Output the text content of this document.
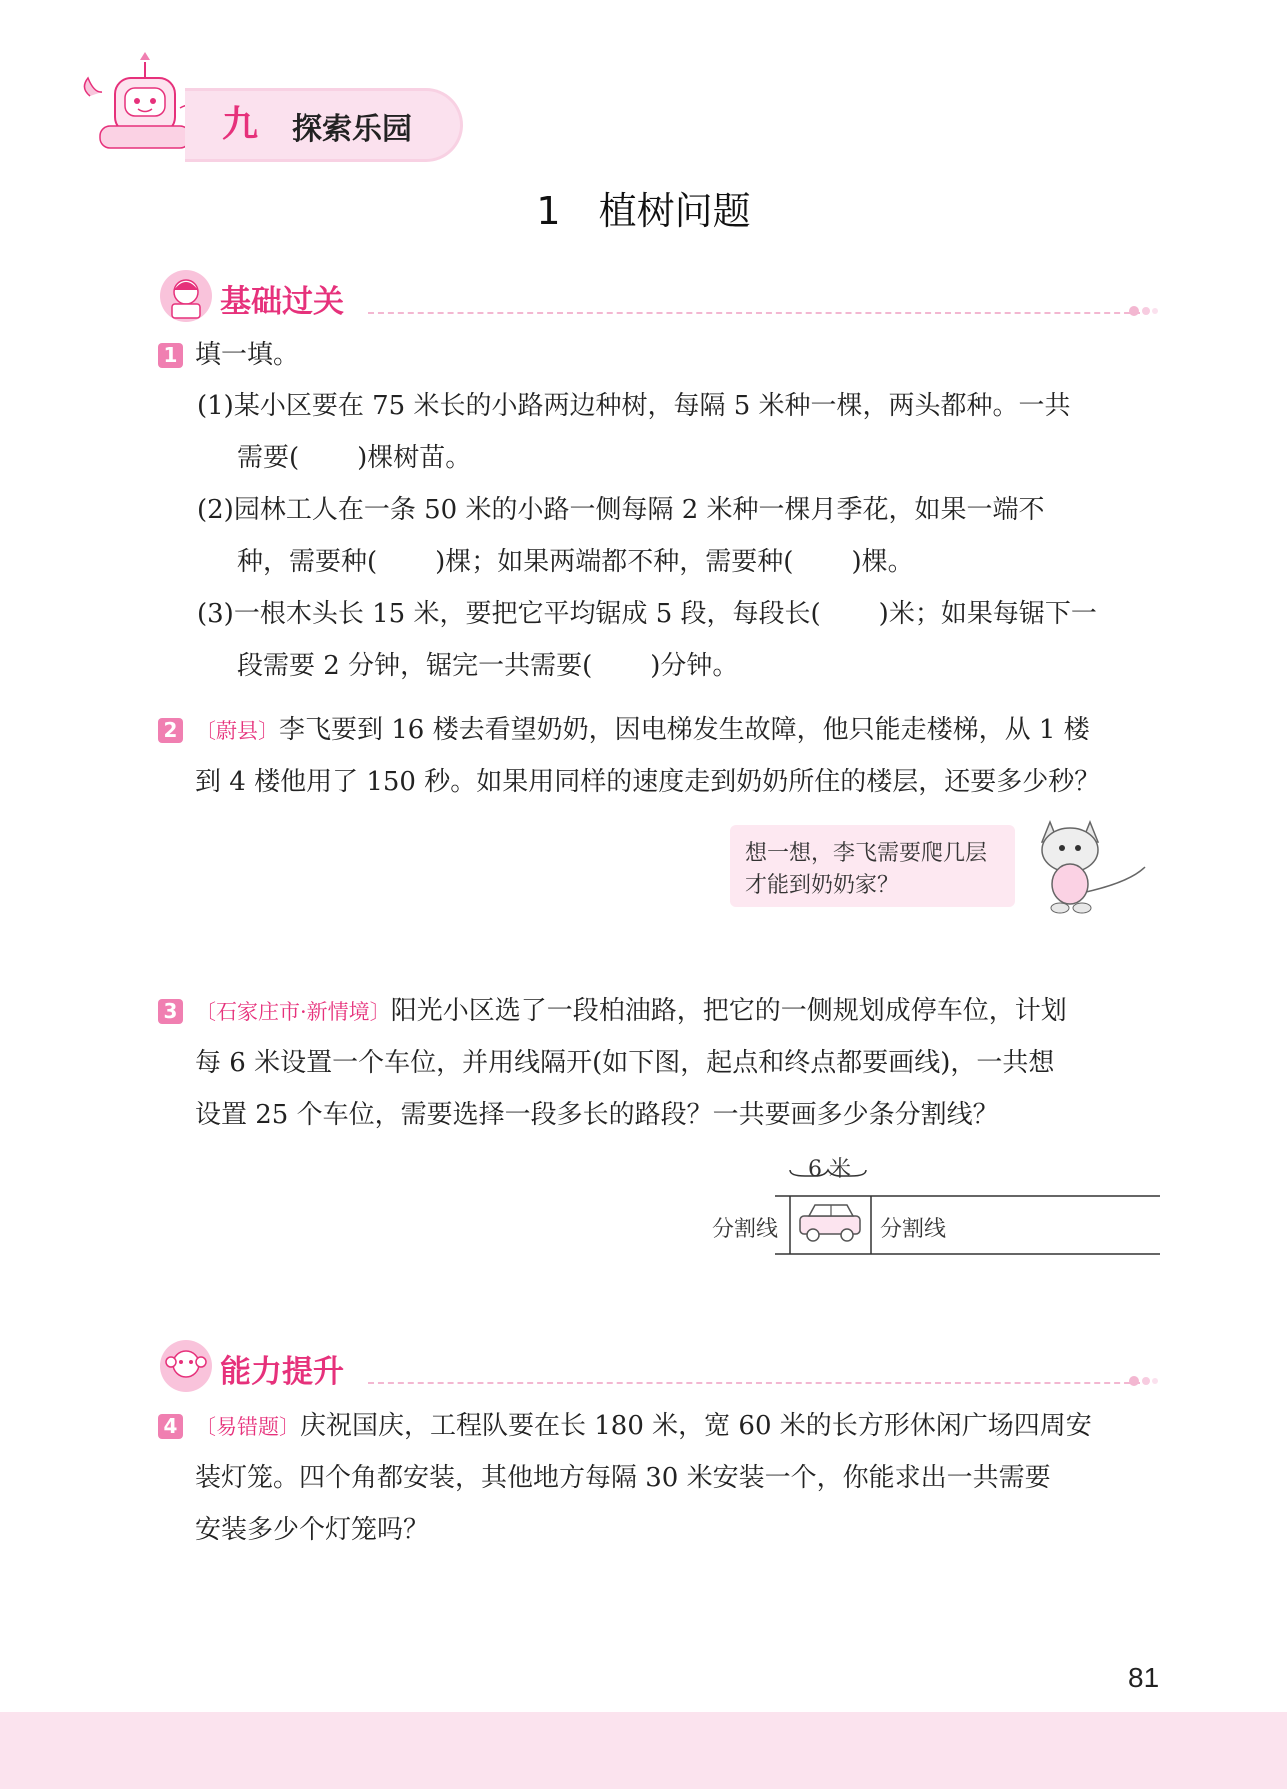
九 探索乐园
1　植树问题
基础过关
1 填一填。
(1)某小区要在 75 米长的小路两边种树，每隔 5 米种一棵，两头都种。一共
需要( )棵树苗。
(2)园林工人在一条 50 米的小路一侧每隔 2 米种一棵月季花，如果一端不
种，需要种( )棵；如果两端都不种，需要种( )棵。
(3)一根木头长 15 米，要把它平均锯成 5 段，每段长( )米；如果每锯下一
段需要 2 分钟，锯完一共需要( )分钟。
2 〔蔚县〕李飞要到 16 楼去看望奶奶，因电梯发生故障，他只能走楼梯，从 1 楼
到 4 楼他用了 150 秒。如果用同样的速度走到奶奶所住的楼层，还要多少秒？
想一想，李飞需要爬几层
才能到奶奶家？
3 〔石家庄市·新情境〕阳光小区选了一段柏油路，把它的一侧规划成停车位，计划
每 6 米设置一个车位，并用线隔开(如下图，起点和终点都要画线)，一共想
设置 25 个车位，需要选择一段多长的路段？一共要画多少条分割线？
6 米
分割线	分割线
能力提升
4 〔易错题〕庆祝国庆，工程队要在长 180 米，宽 60 米的长方形休闲广场四周安
装灯笼。四个角都安装，其他地方每隔 30 米安装一个，你能求出一共需要
安装多少个灯笼吗？
81
